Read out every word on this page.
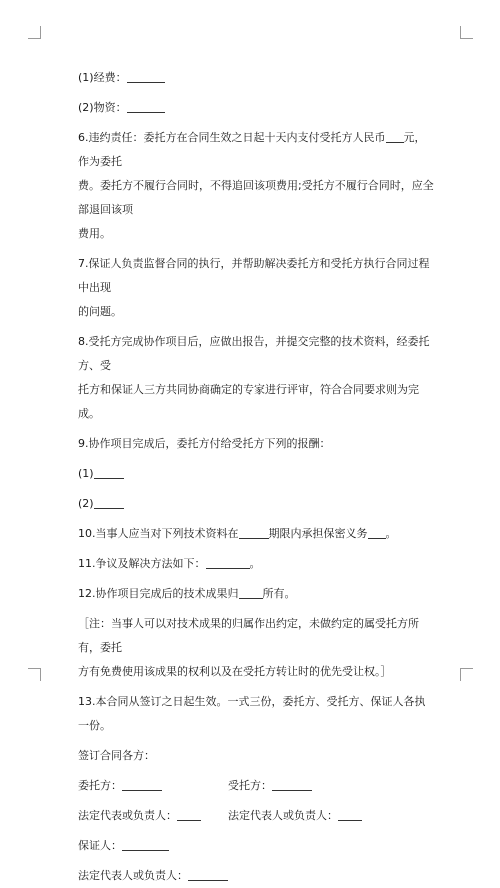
(1)经费：

(2)物资：

6.违约责任：委托方在合同生效之日起十天内支付受托方人民币 元，作为委托
费。委托方不履行合同时，不得追回该项费用;受托方不履行合同时，应全部退回该项
费用。

7.保证人负责监督合同的执行，并帮助解决委托方和受托方执行合同过程中出现
的问题。

8.受托方完成协作项目后，应做出报告，并提交完整的技术资料，经委托方、受
托方和保证人三方共同协商确定的专家进行评审，符合合同要求则为完成。

9.协作项目完成后，委托方付给受托方下列的报酬：

(1)

(2)

10.当事人应当对下列技术资料在	期限内承担保密义务 。

11.争议及解决方法如下：	。

12.协作项目完成后的技术成果归 所有。

［注：当事人可以对技术成果的归属作出约定，未做约定的属受托方所有，委托
方有免费使用该成果的权利以及在受托方转让时的优先受让权。］

13.本合同从签订之日起生效。一式三份，委托方、受托方、保证人各执一份。

签订合同各方：

委托方：	受托方：

法定代表或负责人：	法定代表人或负责人：

保证人：

法定代表人或负责人：
